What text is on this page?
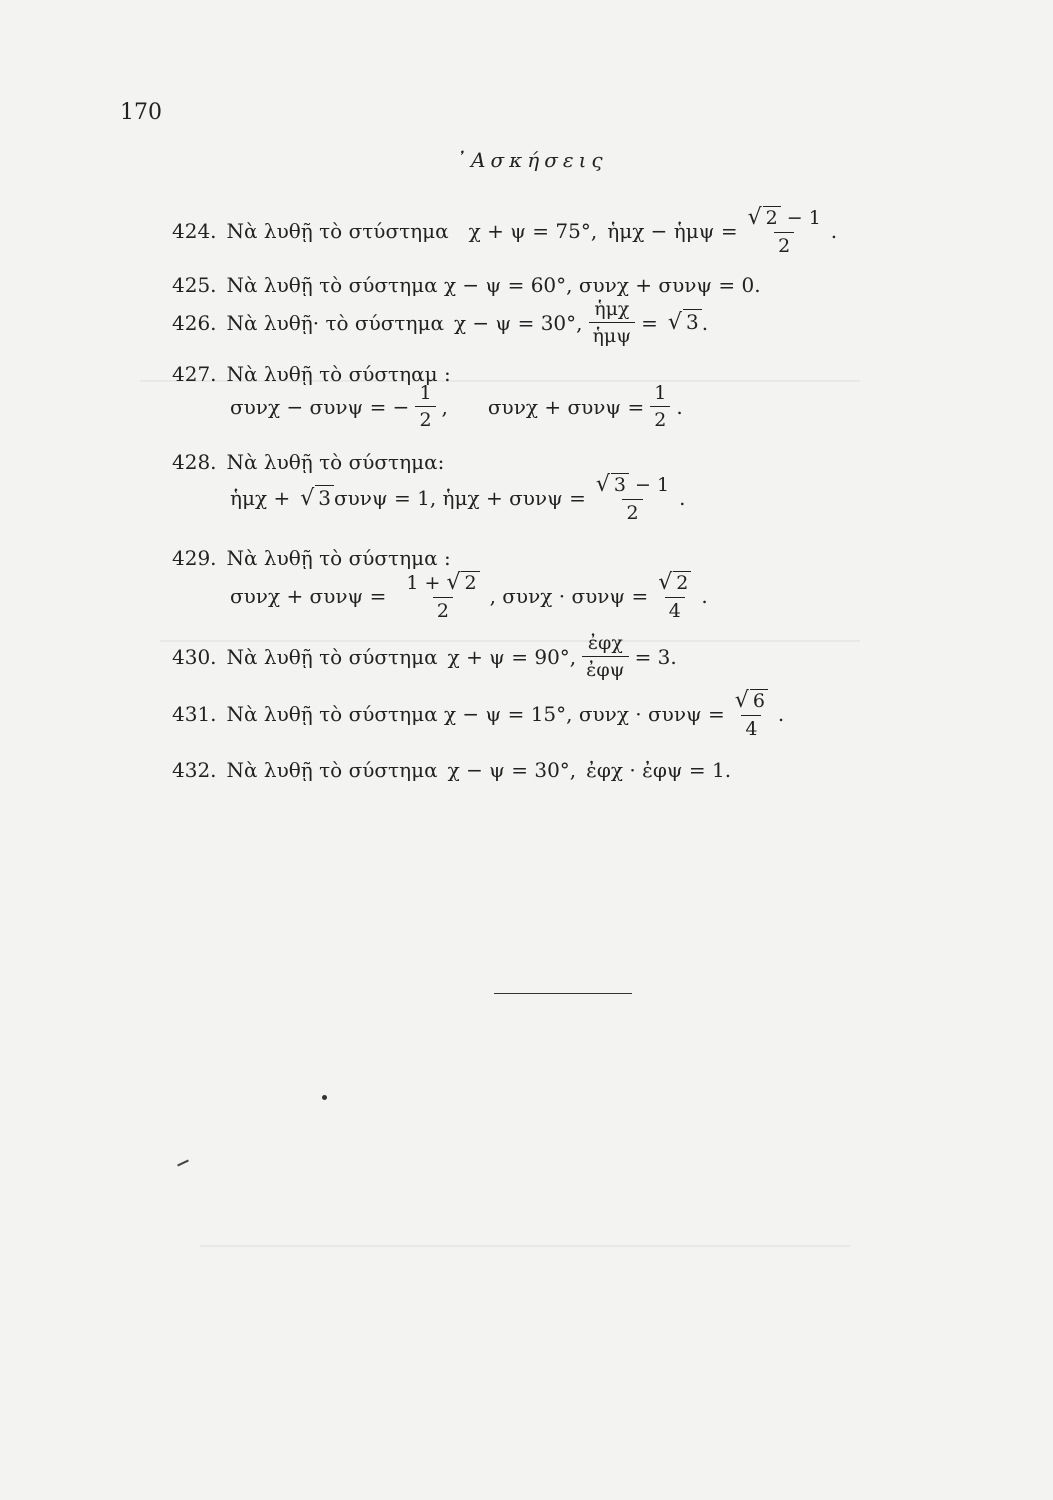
170
᾿Ασκήσεις
424. Νὰ λυθῇ τὸ στύστημα χ + ψ = 75°, ἡμχ − ἡμψ = $\frac{√ 2 - 1}{2}$ .
425. Νὰ λυθῇ τὸ σύστημα χ − ψ = 60°, συνχ + συνψ = 0.
426. Νὰ λυθῇ· τὸ σύστημα χ − ψ = 30°, $\frac{\text{ἡμχ}}{\text{ἡμψ}}$ = √ 3 .
427. Νὰ λυθῇ τὸ σύστηαμ :
συνχ − συνψ = − $\frac{1}{2}$ , $\sigma\upsilon\nu\chi + \sigma\upsilon\nu\psi = \frac{1}{2}$ .
428. Νὰ λυθῇ τὸ σύστημα:
ἡμχ + √ 3 συνψ = 1, ἡμχ + $\sigma\upsilon\nu\psi = \frac{√ 3 - 1}{2}$ .
429. Νὰ λυθῇ τὸ σύστημα :
$\sigma\upsilon\nu\chi + \sigma\upsilon\nu\psi = \frac{1 + √ 2}{2}$ , $\sigma\upsilon\nu\chi \cdot \sigma\upsilon\nu\psi = \frac{√ 2}{4}$ .
430. Νὰ λυθῇ τὸ σύστημα χ + ψ = 90°, $\frac{\text{ἐφχ}}{\text{ἐφψ}} = 3$.
431. Νὰ λυθῇ τὸ σύστημα χ − ψ = 15°, $\sigma\upsilon\nu\chi \cdot \sigma\upsilon\nu\psi = \frac{√ 6}{4}$ .
432. Νὰ λυθῇ τὸ σύστημα χ − ψ = 30°, ἐφχ · ἐφψ = 1.
